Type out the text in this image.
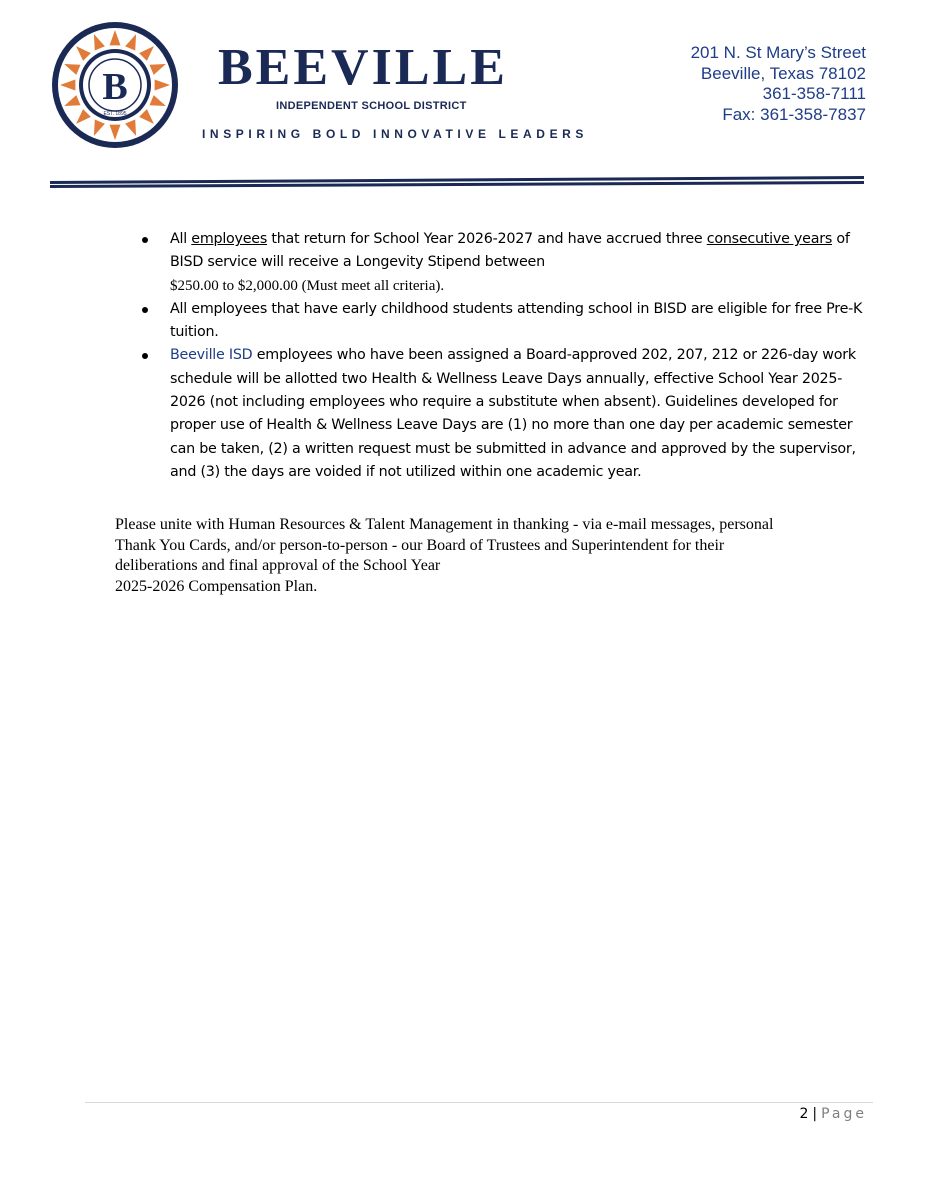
B
EST. 1895
BEEVILLE
INDEPENDENT SCHOOL DISTRICT
INSPIRING BOLD INNOVATIVE LEADERS
201 N. St Mary’s Street
Beeville, Texas 78102
361-358-7111
Fax: 361-358-7837
All employees that return for School Year 2026-2027 and have accrued three consecutive years of BISD service will receive a Longevity Stipend between
$250.00 to $2,000.00 (Must meet all criteria).
All employees that have early childhood students attending school in BISD are eligible for free Pre-K tuition.
Beeville ISD employees who have been assigned a Board-approved 202, 207, 212 or 226-day work schedule will be allotted two Health & Wellness Leave Days annually, effective School Year 2025-2026 (not including employees who require a substitute when absent). Guidelines developed for proper use of Health & Wellness Leave Days are (1) no more than one day per academic semester can be taken, (2) a written request must be submitted in advance and approved by the supervisor, and (3) the days are voided if not utilized within one academic year.
Please unite with Human Resources & Talent Management in thanking - via e-mail messages, personal
Thank You Cards, and/or person-to-person - our Board of Trustees and Superintendent for their
deliberations and final approval of the School Year
2025-2026 Compensation Plan.
2 | Page
